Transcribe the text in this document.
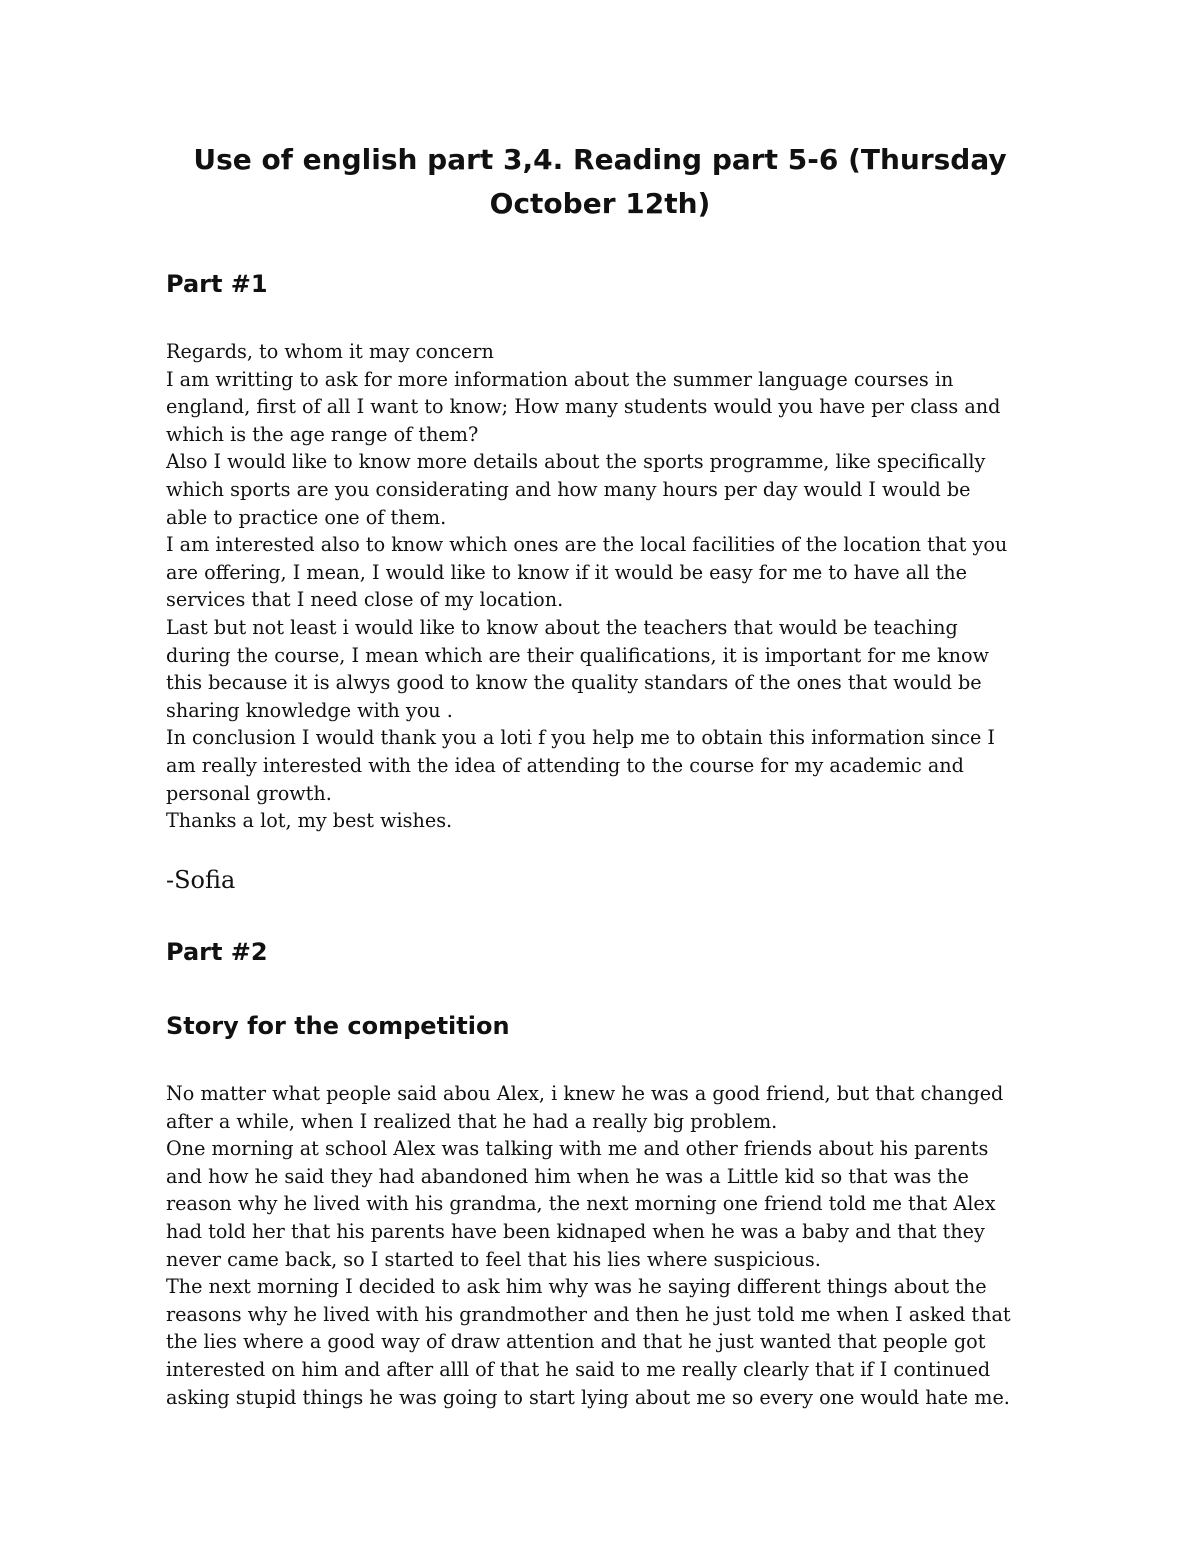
Use of english part 3,4. Reading part 5-6 (Thursday
October 12th)
Part #1
Regards, to whom it may concern
I am writting to ask for more information about the summer language courses in
england, first of all I want to know; How many students would you have per class and
which is the age range of them?
Also I would like to know more details about the sports programme, like specifically
which sports are you considerating and how many hours per day would I would be
able to practice one of them.
I am interested also to know which ones are the local facilities of the location that you
are offering, I mean, I would like to know if it would be easy for me to have all the
services that I need close of my location.
Last but not least i would like to know about the teachers that would be teaching
during the course, I mean which are their qualifications, it is important for me know
this because it is alwys good to know the quality standars of the ones that would be
sharing knowledge with you .
In conclusion I would thank you a loti f you help me to obtain this information since I
am really interested with the idea of attending to the course for my academic and
personal growth.
Thanks a lot, my best wishes.
-Sofia
Part #2
Story for the competition
No matter what people said abou Alex, i knew he was a good friend, but that changed
after a while, when I realized that he had a really big problem.
One morning at school Alex was talking with me and other friends about his parents
and how he said they had abandoned him when he was a Little kid so that was the
reason why he lived with his grandma, the next morning one friend told me that Alex
had told her that his parents have been kidnaped when he was a baby and that they
never came back, so I started to feel that his lies where suspicious.
The next morning I decided to ask him why was he saying different things about the
reasons why he lived with his grandmother and then he just told me when I asked that
the lies where a good way of draw attention and that he just wanted that people got
interested on him and after alll of that he said to me really clearly that if I continued
asking stupid things he was going to start lying about me so every one would hate me.
